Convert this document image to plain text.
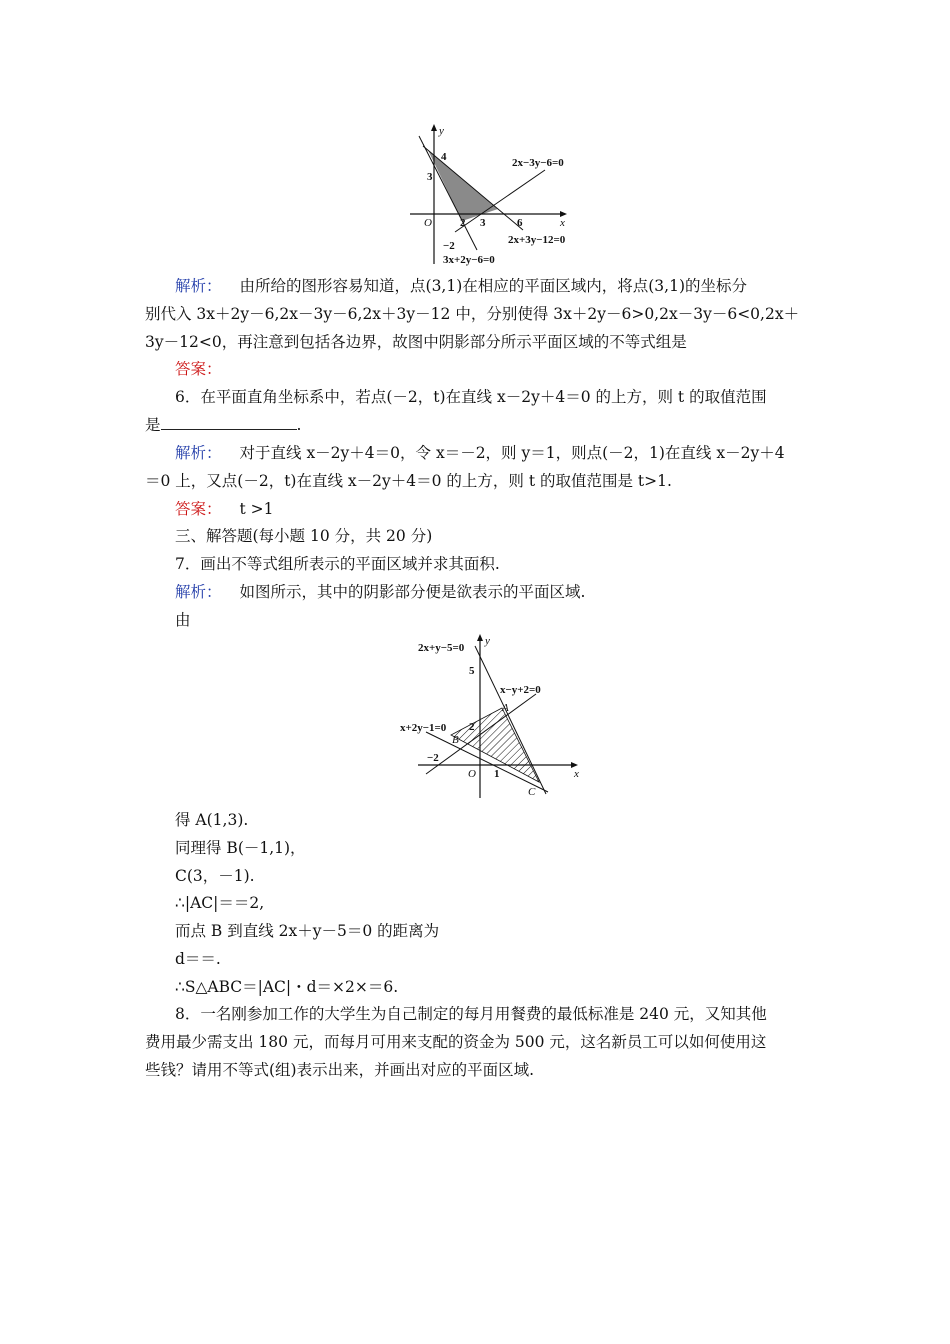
y
x
O
4
3
2 3	6
−2
2x−3y−6=0
2x+3y−12=0
3x+2y−6=0
解析： 由所给的图形容易知道，点(3,1)在相应的平面区域内，将点(3,1)的坐标分
别代入 3x＋2y－6,2x－3y－6,2x＋3y－12 中，分别使得 3x＋2y－6>0,2x－3y－6<0,2x＋
3y－12<0，再注意到包括各边界，故图中阴影部分所示平面区域的不等式组是
答案：
6．在平面直角坐标系中，若点(－2，t)在直线 x－2y＋4＝0 的上方，则 t 的取值范围
是	.
解析： 对于直线 x－2y＋4＝0，令 x＝－2，则 y＝1，则点(－2，1)在直线 x－2y＋4
＝0 上，又点(－2，t)在直线 x－2y＋4＝0 的上方，则 t 的取值范围是 t>1.
答案： t >1
三、解答题(每小题 10 分，共 20 分)
7．画出不等式组所表示的平面区域并求其面积.
解析： 如图所示，其中的阴影部分便是欲表示的平面区域.
由
y
x
O
5
2
1
−2
2x+y−5=0
x−y+2=0
x+2y−1=0
A
B
C
得 A(1,3).
同理得 B(－1,1)，
C(3，－1).
∴|AC|＝＝2,
而点 B 到直线 2x＋y－5＝0 的距离为
d＝＝.
∴S△ABC＝|AC|・d＝×2×＝6.
8．一名刚参加工作的大学生为自己制定的每月用餐费的最低标准是 240 元，又知其他
费用最少需支出 180 元，而每月可用来支配的资金为 500 元，这名新员工可以如何使用这
些钱？请用不等式(组)表示出来，并画出对应的平面区域.
